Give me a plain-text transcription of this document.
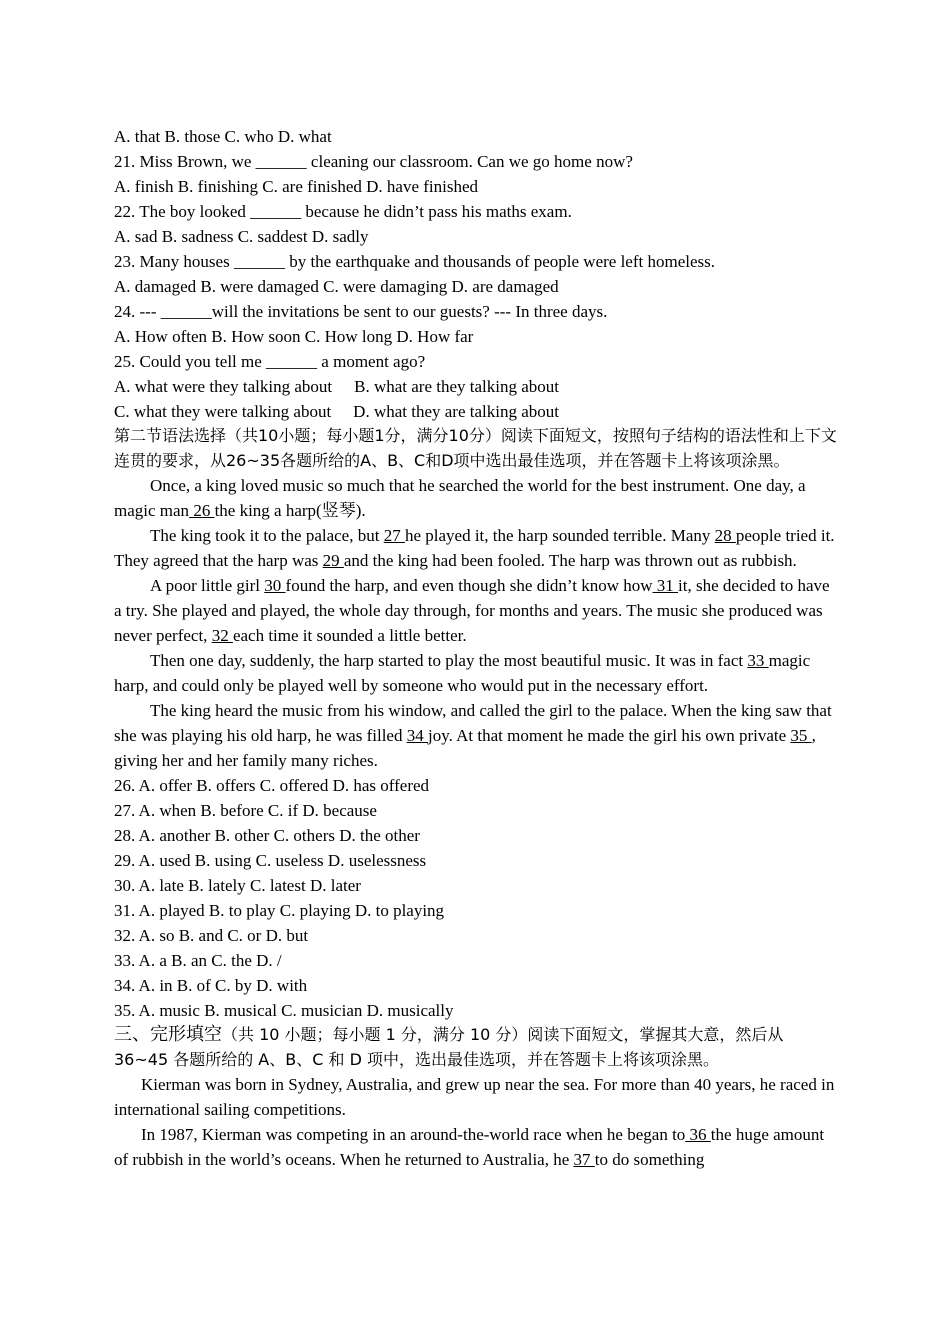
A. that B. those C. who D. what
21. Miss Brown, we ______ cleaning our classroom. Can we go home now?
A. finish B. finishing C. are finished D. have finished
22. The boy looked ______ because he didn’t pass his maths exam.
A. sad B. sadness C. saddest D. sadly
23. Many houses ______ by the earthquake and thousands of people were left homeless.
A. damaged B. were damaged C. were damaging D. are damaged
24. --- ______will the invitations be sent to our guests? --- In three days.
A. How often B. How soon C. How long D. How far
25. Could you tell me ______ a moment ago?
A. what were they talking about B. what are they talking about
C. what they were talking about D. what they are talking about

第二节语法选择（共10小题；每小题1分，满分10分）阅读下面短文，按照句子结构的语法性和上下文连贯的要求，从26~35各题所给的A、B、C和D项中选出最佳选项，并在答题卡上将该项涂黑。

Once, a king loved music so much that he searched the world for the best instrument. One day, a magic man 26 the king a harp(竖琴).

The king took it to the palace, but 27 he played it, the harp sounded terrible. Many 28 people tried it. They agreed that the harp was 29 and the king had been fooled. The harp was thrown out as rubbish.

A poor little girl 30 found the harp, and even though she didn’t know how 31 it, she decided to have a try. She played and played, the whole day through, for months and years. The music she produced was never perfect, 32 each time it sounded a little better.

Then one day, suddenly, the harp started to play the most beautiful music. It was in fact 33 magic harp, and could only be played well by someone who would put in the necessary effort.

The king heard the music from his window, and called the girl to the palace. When the king saw that she was playing his old harp, he was filled 34 joy. At that moment he made the girl his own private 35 , giving her and her family many riches.

26. A. offer B. offers C. offered D. has offered
27. A. when B. before C. if D. because
28. A. another B. other C. others D. the other
29. A. used B. using C. useless D. uselessness
30. A. late B. lately C. latest D. later
31. A. played B. to play C. playing D. to playing
32. A. so B. and C. or D. but
33. A. a B. an C. the D. /
34. A. in B. of C. by D. with
35. A. music B. musical C. musician D. musically

三、完形填空（共 10 小题；每小题 1 分，满分 10 分）阅读下面短文，掌握其大意，然后从 36~45 各题所给的 A、B、C 和 D 项中，选出最佳选项，并在答题卡上将该项涂黑。

Kierman was born in Sydney, Australia, and grew up near the sea. For more than 40 years, he raced in international sailing competitions.

In 1987, Kierman was competing in an around-the-world race when he began to 36 the huge amount of rubbish in the world’s oceans. When he returned to Australia, he 37 to do something
